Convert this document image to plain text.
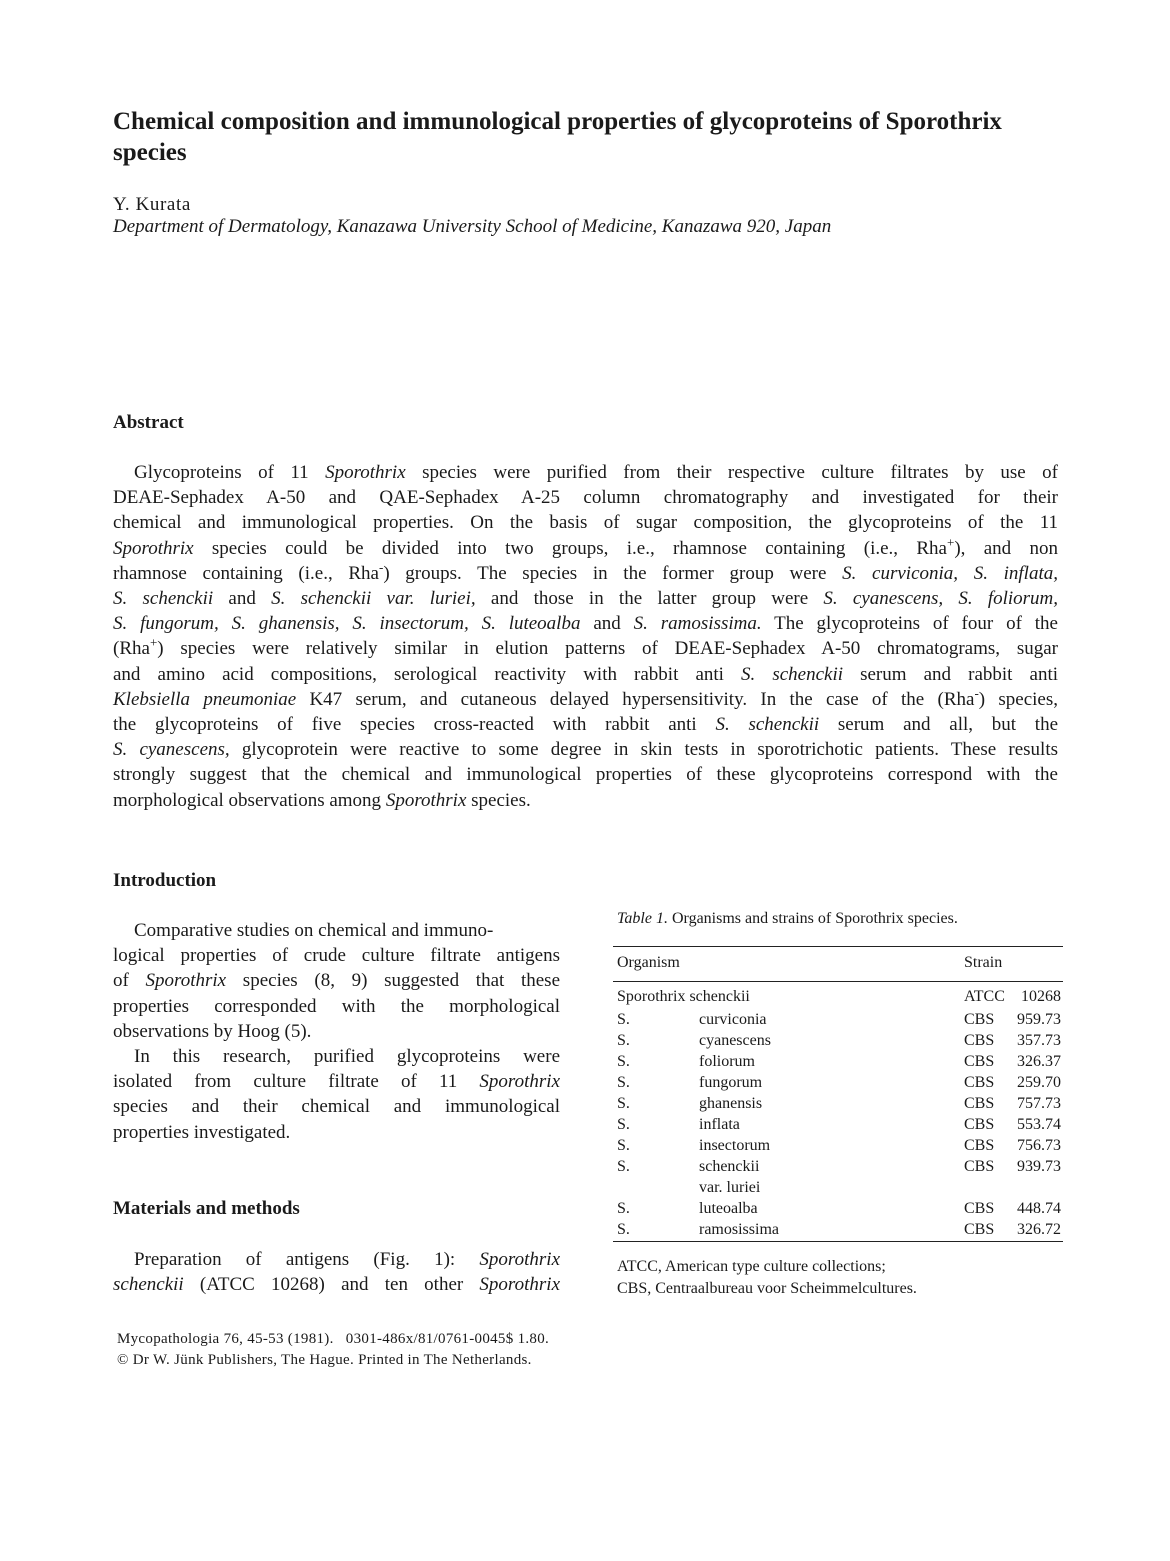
Chemical composition and immunological properties of glycoproteins of Sporothrix species
Y. Kurata
Department of Dermatology, Kanazawa University School of Medicine, Kanazawa 920, Japan
Abstract
Glycoproteins of 11 Sporothrix species were purified from their respective culture filtrates by use of
DEAE-Sephadex A-50 and QAE-Sephadex A-25 column chromatography and investigated for their
chemical and immunological properties. On the basis of sugar composition, the glycoproteins of the 11
Sporothrix species could be divided into two groups, i.e., rhamnose containing (i.e., Rha+), and non
rhamnose containing (i.e., Rha-) groups. The species in the former group were S. curviconia, S. inflata,
S. schenckii and S. schenckii var. luriei, and those in the latter group were S. cyanescens, S. foliorum,
S. fungorum, S. ghanensis, S. insectorum, S. luteoalba and S. ramosissima. The glycoproteins of four of the
(Rha+) species were relatively similar in elution patterns of DEAE-Sephadex A-50 chromatograms, sugar
and amino acid compositions, serological reactivity with rabbit anti S. schenckii serum and rabbit anti
Klebsiella pneumoniae K47 serum, and cutaneous delayed hypersensitivity. In the case of the (Rha-) species,
the glycoproteins of five species cross-reacted with rabbit anti S. schenckii serum and all, but the
S. cyanescens, glycoprotein were reactive to some degree in skin tests in sporotrichotic patients. These results
strongly suggest that the chemical and immunological properties of these glycoproteins correspond with the
morphological observations among Sporothrix species.
Introduction
Comparative studies on chemical and immuno-
logical properties of crude culture filtrate antigens
of Sporothrix species (8, 9) suggested that these
properties corresponded with the morphological
observations by Hoog (5).
In this research, purified glycoproteins were
isolated from culture filtrate of 11 Sporothrix
species and their chemical and immunological
properties investigated.
Materials and methods
Preparation of antigens (Fig. 1): Sporothrix
schenckii (ATCC 10268) and ten other Sporothrix
Table 1. Organisms and strains of Sporothrix species.
Organism	Strain
Sporothrix schenckii	ATCC 10268
S.	curviconia	CBS 959.73
S.	cyanescens	CBS 357.73
S.	foliorum	CBS 326.37
S.	fungorum	CBS 259.70
S.	ghanensis	CBS 757.73
S.	inflata	CBS 553.74
S.	insectorum	CBS 756.73
S.	schenckii	CBS 939.73
var. luriei
S.	luteoalba	CBS 448.74
S.	ramosissima	CBS 326.72
ATCC, American type culture collections;
CBS, Centraalbureau voor Scheimmelcultures.
Mycopathologia 76, 45-53 (1981).   0301-486x/81/0761-0045$ 1.80.
© Dr W. Jünk Publishers, The Hague. Printed in The Netherlands.
